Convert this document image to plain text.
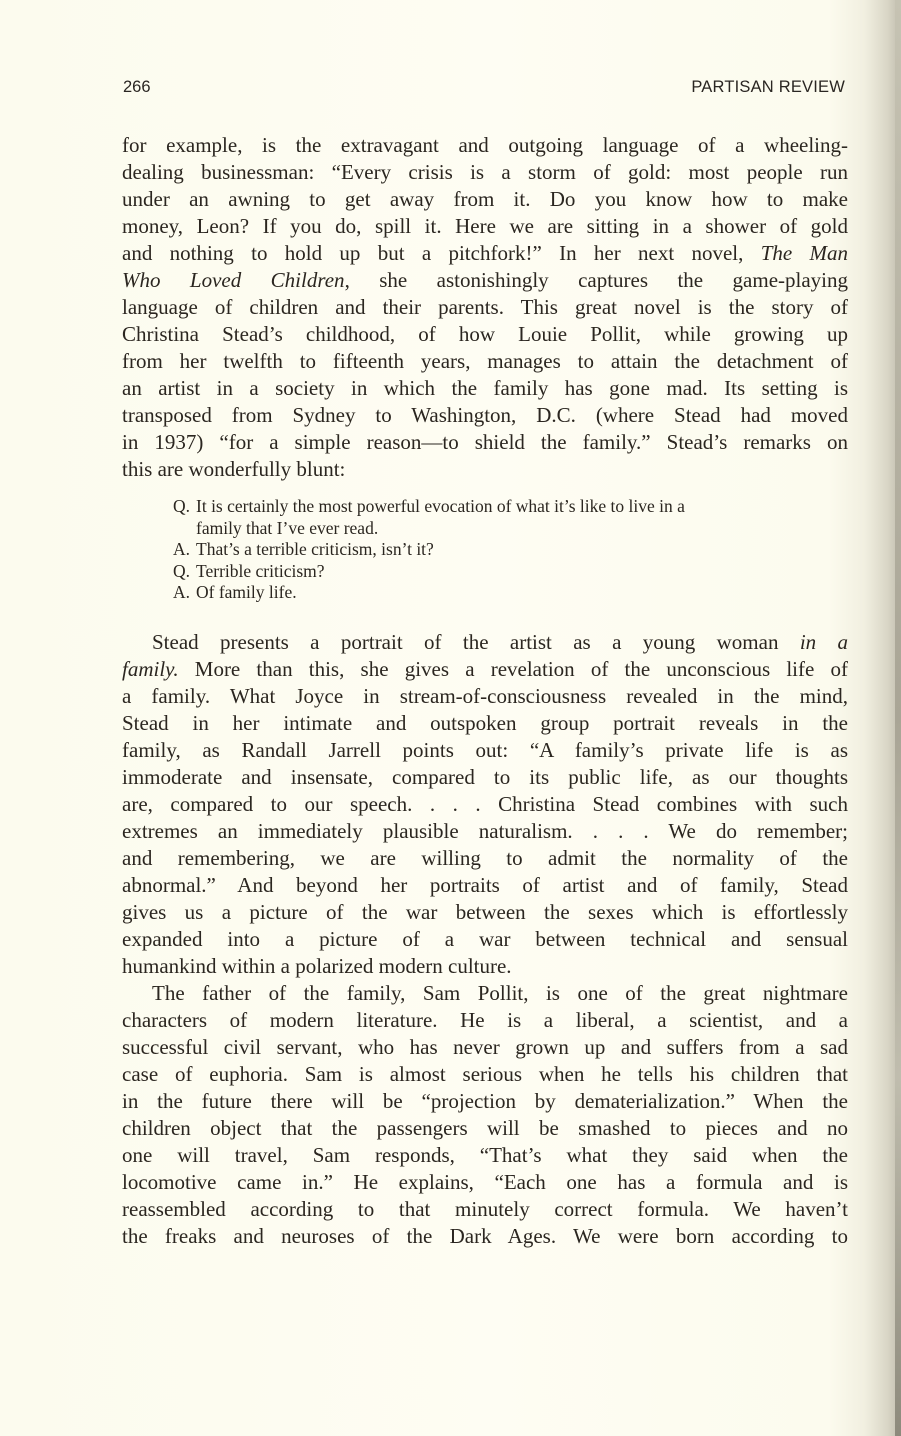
266	PARTISAN REVIEW
for example, is the extravagant and outgoing language of a wheeling-
dealing businessman: “Every crisis is a storm of gold: most people run
under an awning to get away from it. Do you know how to make
money, Leon? If you do, spill it. Here we are sitting in a shower of gold
and nothing to hold up but a pitchfork!” In her next novel, The Man
Who Loved Children, she astonishingly captures the game-playing
language of children and their parents. This great novel is the story of
Christina Stead’s childhood, of how Louie Pollit, while growing up
from her twelfth to fifteenth years, manages to attain the detachment of
an artist in a society in which the family has gone mad. Its setting is
transposed from Sydney to Washington, D.C. (where Stead had moved
in 1937) “for a simple reason—to shield the family.” Stead’s remarks on
this are wonderfully blunt:
Q. It is certainly the most powerful evocation of what it’s like to live in a
family that I’ve ever read.
A. That’s a terrible criticism, isn’t it?
Q. Terrible criticism?
A. Of family life.
Stead presents a portrait of the artist as a young woman in a
family. More than this, she gives a revelation of the unconscious life of
a family. What Joyce in stream-of-consciousness revealed in the mind,
Stead in her intimate and outspoken group portrait reveals in the
family, as Randall Jarrell points out: “A family’s private life is as
immoderate and insensate, compared to its public life, as our thoughts
are, compared to our speech. . . . Christina Stead combines with such
extremes an immediately plausible naturalism. . . . We do remember;
and remembering, we are willing to admit the normality of the
abnormal.” And beyond her portraits of artist and of family, Stead
gives us a picture of the war between the sexes which is effortlessly
expanded into a picture of a war between technical and sensual
humankind within a polarized modern culture.
The father of the family, Sam Pollit, is one of the great nightmare
characters of modern literature. He is a liberal, a scientist, and a
successful civil servant, who has never grown up and suffers from a sad
case of euphoria. Sam is almost serious when he tells his children that
in the future there will be “projection by dematerialization.” When the
children object that the passengers will be smashed to pieces and no
one will travel, Sam responds, “That’s what they said when the
locomotive came in.” He explains, “Each one has a formula and is
reassembled according to that minutely correct formula. We haven’t
the freaks and neuroses of the Dark Ages. We were born according to
